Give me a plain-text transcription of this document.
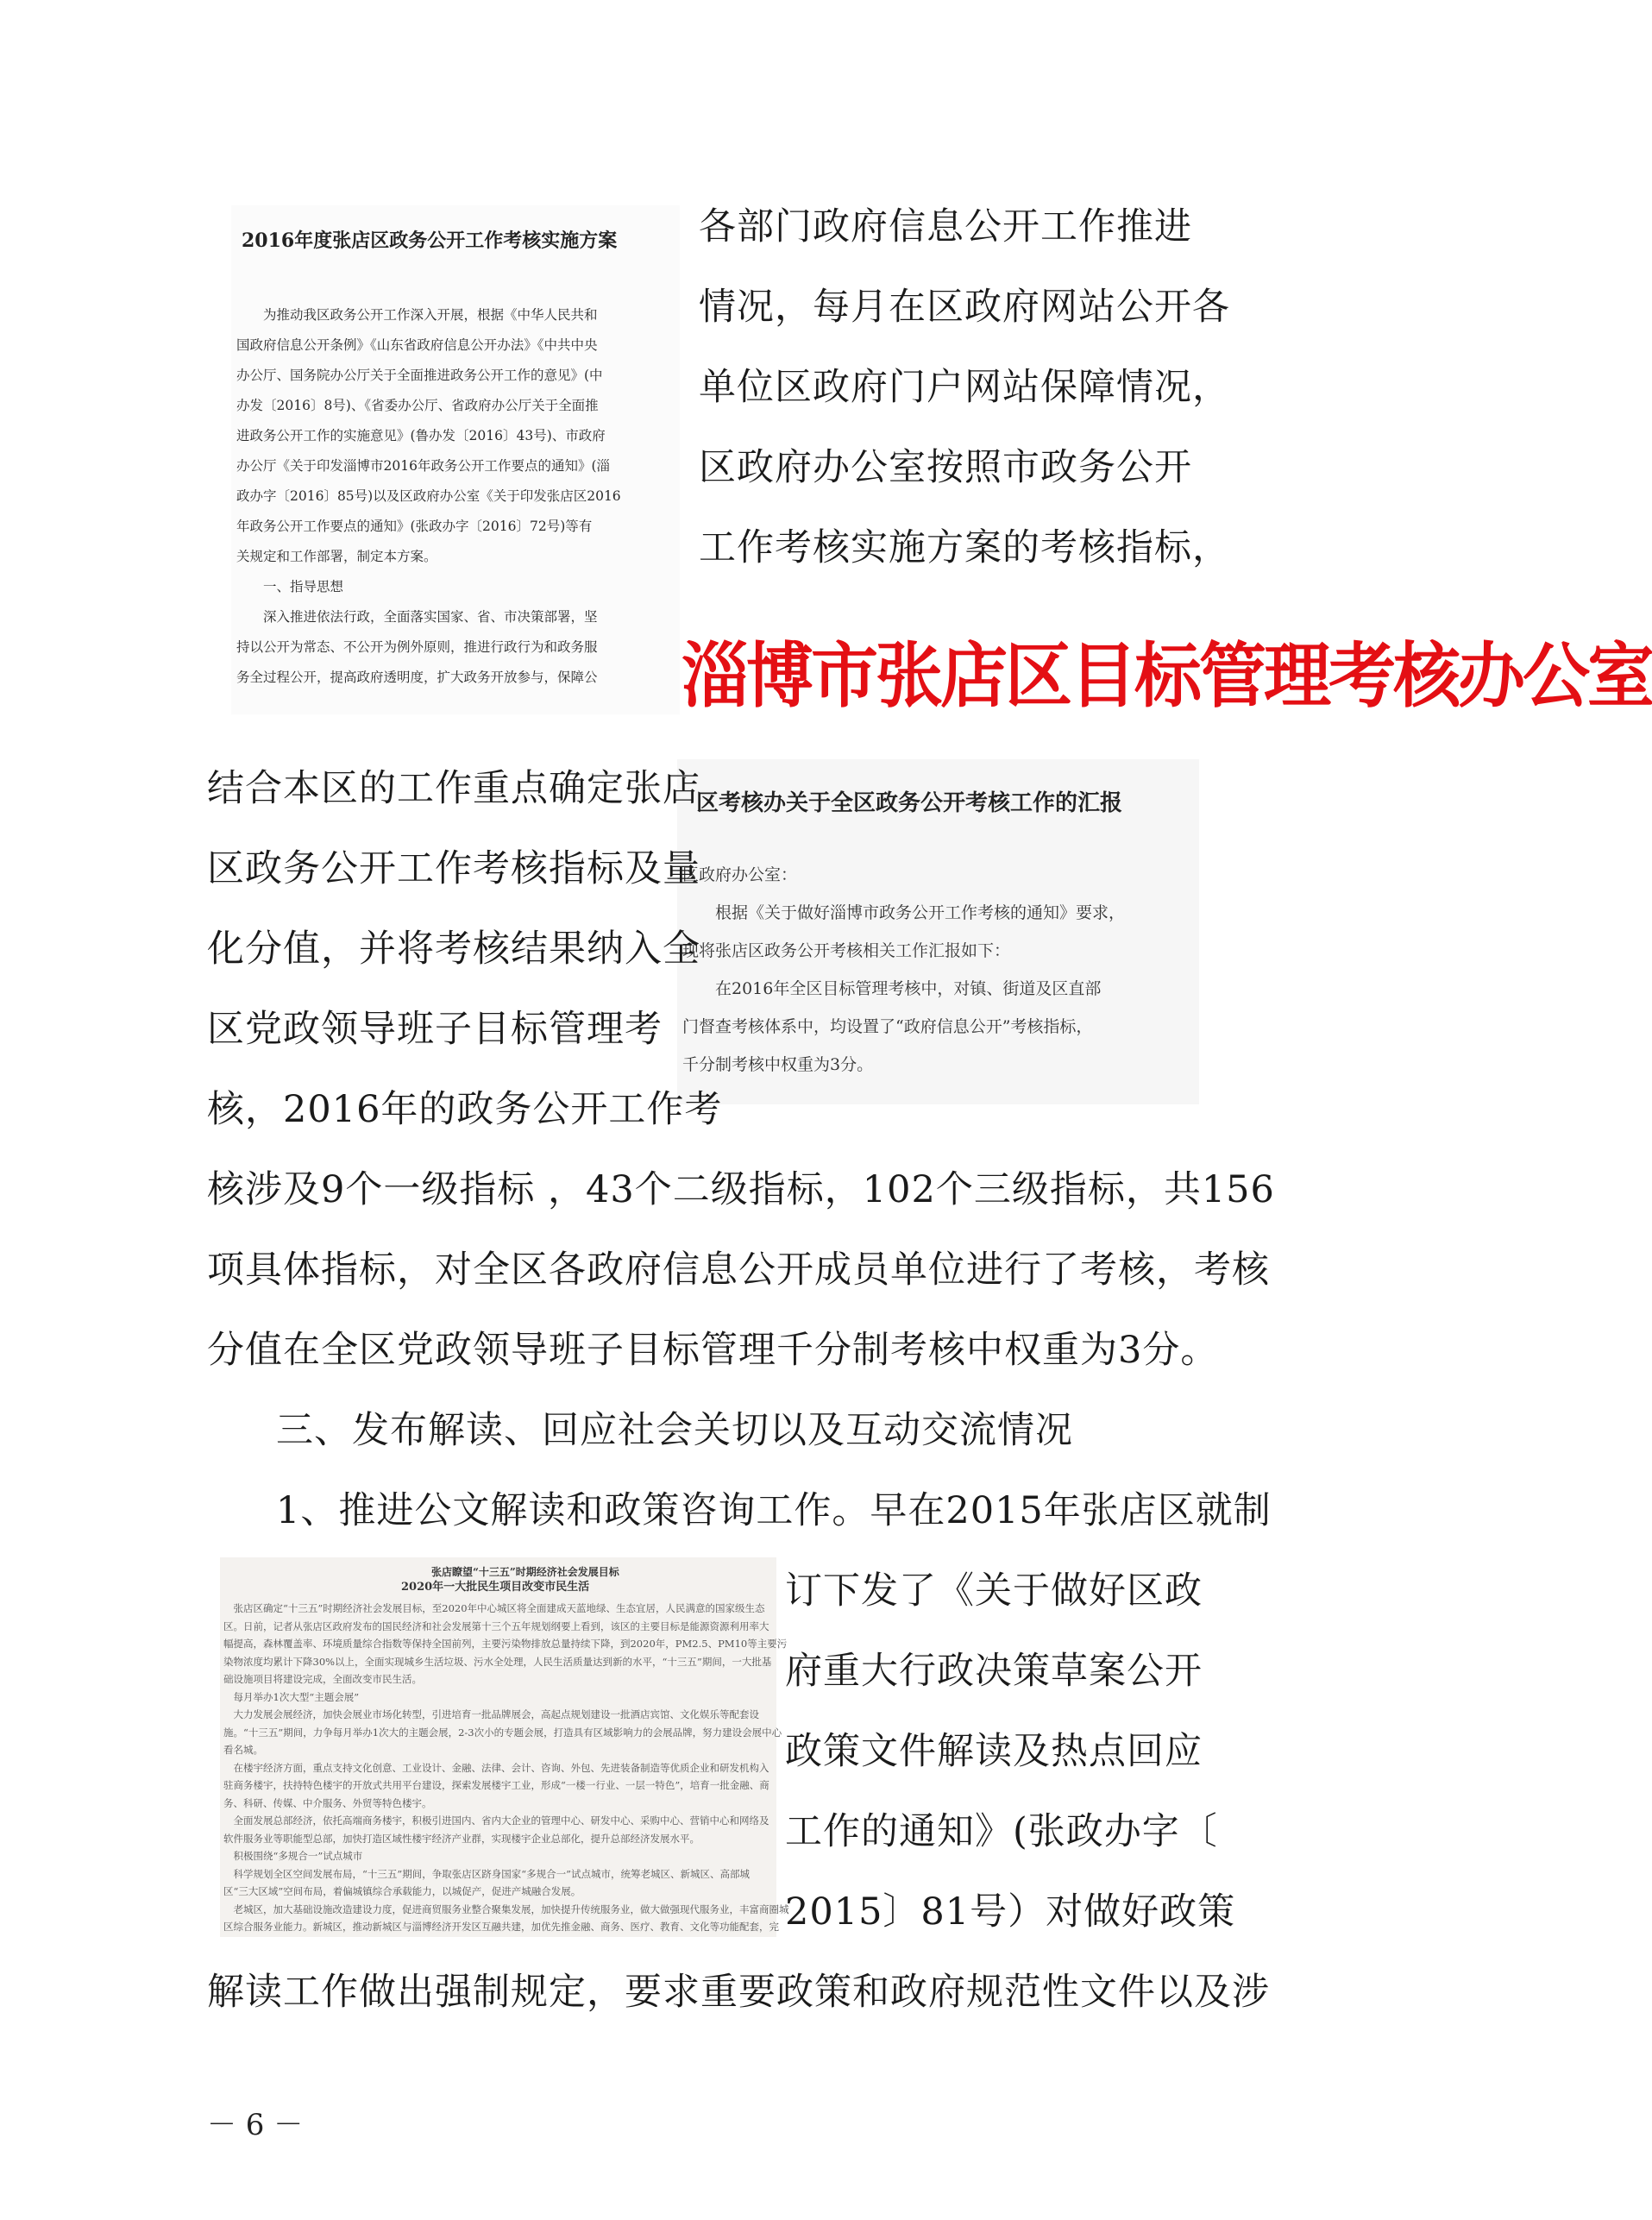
2016年度张店区政务公开工作考核实施方案
　　为推动我区政务公开工作深入开展，根据《中华人民共和
国政府信息公开条例》《山东省政府信息公开办法》《中共中央
办公厅、国务院办公厅关于全面推进政务公开工作的意见》(中
办发〔2016〕8号)、《省委办公厅、省政府办公厅关于全面推
进政务公开工作的实施意见》(鲁办发〔2016〕43号)、市政府
办公厅《关于印发淄博市2016年政务公开工作要点的通知》(淄
政办字〔2016〕85号)以及区政府办公室《关于印发张店区2016
年政务公开工作要点的通知》(张政办字〔2016〕72号)等有
关规定和工作部署，制定本方案。
　　一、指导思想
　　深入推进依法行政，全面落实国家、省、市决策部署，坚
持以公开为常态、不公开为例外原则，推进行政行为和政务服
务全过程公开，提高政府透明度，扩大政务开放参与，保障公
各部门政府信息公开工作推进
情况，每月在区政府网站公开各
单位区政府门户网站保障情况，
区政府办公室按照市政务公开
工作考核实施方案的考核指标，
淄博市张店区目标管理考核办公室
区考核办关于全区政务公开考核工作的汇报
区政府办公室：
　　根据《关于做好淄博市政务公开工作考核的通知》要求，
现将张店区政务公开考核相关工作汇报如下：
　　在2016年全区目标管理考核中，对镇、街道及区直部
门督查考核体系中，均设置了“政府信息公开”考核指标，
千分制考核中权重为3分。
结合本区的工作重点确定张店
区政务公开工作考核指标及量
化分值，并将考核结果纳入全
区党政领导班子目标管理考
核，2016年的政务公开工作考
核涉及9个一级指标 ，43个二级指标，102个三级指标，共156
项具体指标，对全区各政府信息公开成员单位进行了考核，考核
分值在全区党政领导班子目标管理千分制考核中权重为3分。
三、发布解读、回应社会关切以及互动交流情况
1、推进公文解读和政策咨询工作。早在2015年张店区就制
张店瞭望“十三五”时期经济社会发展目标
2020年一大批民生项目改变市民生活
　张店区确定“十三五”时期经济社会发展目标，至2020年中心城区将全面建成天蓝地绿、生态宜居，人民满意的国家级生态
区。日前，记者从张店区政府发布的国民经济和社会发展第十三个五年规划纲要上看到，该区的主要目标是能源资源利用率大
幅提高，森林覆盖率、环境质量综合指数等保持全国前列，主要污染物排放总量持续下降，到2020年，PM2.5、PM10等主要污
染物浓度均累计下降30%以上，全面实现城乡生活垃圾、污水全处理，人民生活质量达到新的水平，“十三五”期间，一大批基
础设施项目将建设完成，全面改变市民生活。
　每月举办1次大型“主题会展”
　大力发展会展经济，加快会展业市场化转型，引进培育一批品牌展会，高起点规划建设一批酒店宾馆、文化娱乐等配套设
施。“十三五”期间，力争每月举办1次大的主题会展，2-3次小的专题会展，打造具有区域影响力的会展品牌，努力建设会展中心
看名城。
　在楼宇经济方面，重点支持文化创意、工业设计、金融、法律、会计、咨询、外包、先进装备制造等优质企业和研发机构入
驻商务楼宇，扶持特色楼宇的开放式共用平台建设，探索发展楼宇工业，形成“一楼一行业、一层一特色”，培育一批金融、商
务、科研、传媒、中介服务、外贸等特色楼宇。
　全面发展总部经济，依托高端商务楼宇，积极引进国内、省内大企业的管理中心、研发中心、采购中心、营销中心和网络及
软件服务业等职能型总部，加快打造区域性楼宇经济产业群，实现楼宇企业总部化，提升总部经济发展水平。
　积极围绕“多规合一”试点城市
　科学规划全区空间发展布局，“十三五”期间，争取张店区跻身国家“多规合一”试点城市，统筹老城区、新城区、高部城
区“三大区域”空间布局，着偏城镇综合承载能力，以城促产，促进产城融合发展。
　老城区，加大基础设施改造建设力度，促进商贸服务业整合聚集发展，加快提升传统服务业，做大做强现代服务业，丰富商圈城
区综合服务业能力。新城区，推动新城区与淄博经济开发区互融共建，加优先推金融、商务、医疗、教育、文化等功能配套，完
订下发了《关于做好区政
府重大行政决策草案公开
政策文件解读及热点回应
工作的通知》(张政办字〔
2015〕81号）对做好政策
解读工作做出强制规定，要求重要政策和政府规范性文件以及涉
－ 6 －
